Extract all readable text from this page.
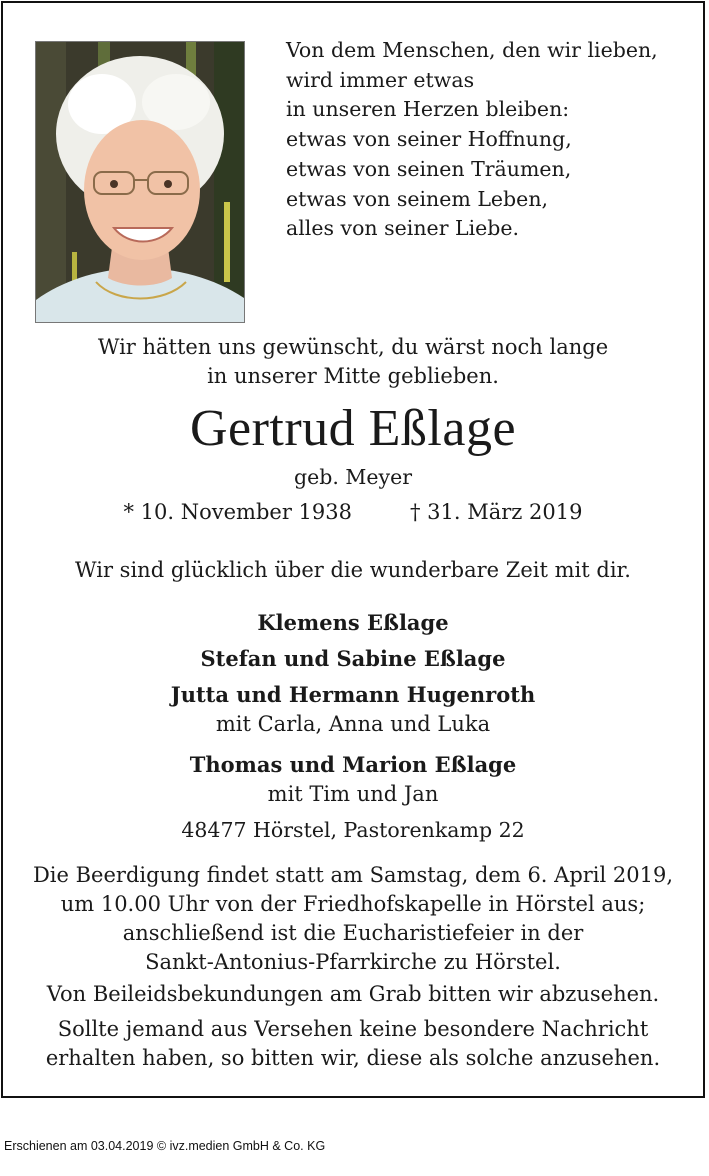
Von dem Menschen, den wir lieben,
wird immer etwas
in unseren Herzen bleiben:
etwas von seiner Hoffnung,
etwas von seinen Träumen,
etwas von seinem Leben,
alles von seiner Liebe.
Wir hätten uns gewünscht, du wärst noch lange
in unserer Mitte geblieben.
Gertrud Eßlage
geb. Meyer
* 10. November 1938	† 31. März 2019
Wir sind glücklich über die wunderbare Zeit mit dir.
Klemens Eßlage
Stefan und Sabine Eßlage
Jutta und Hermann Hugenroth
mit Carla, Anna und Luka
Thomas und Marion Eßlage
mit Tim und Jan
48477 Hörstel, Pastorenkamp 22
Die Beerdigung findet statt am Samstag, dem 6. April 2019,
um 10.00 Uhr von der Friedhofskapelle in Hörstel aus;
anschließend ist die Eucharistiefeier in der
Sankt-Antonius-Pfarrkirche zu Hörstel.
Von Beileidsbekundungen am Grab bitten wir abzusehen.
Sollte jemand aus Versehen keine besondere Nachricht
erhalten haben, so bitten wir, diese als solche anzusehen.
Erschienen am 03.04.2019 © ivz.medien GmbH & Co. KG
